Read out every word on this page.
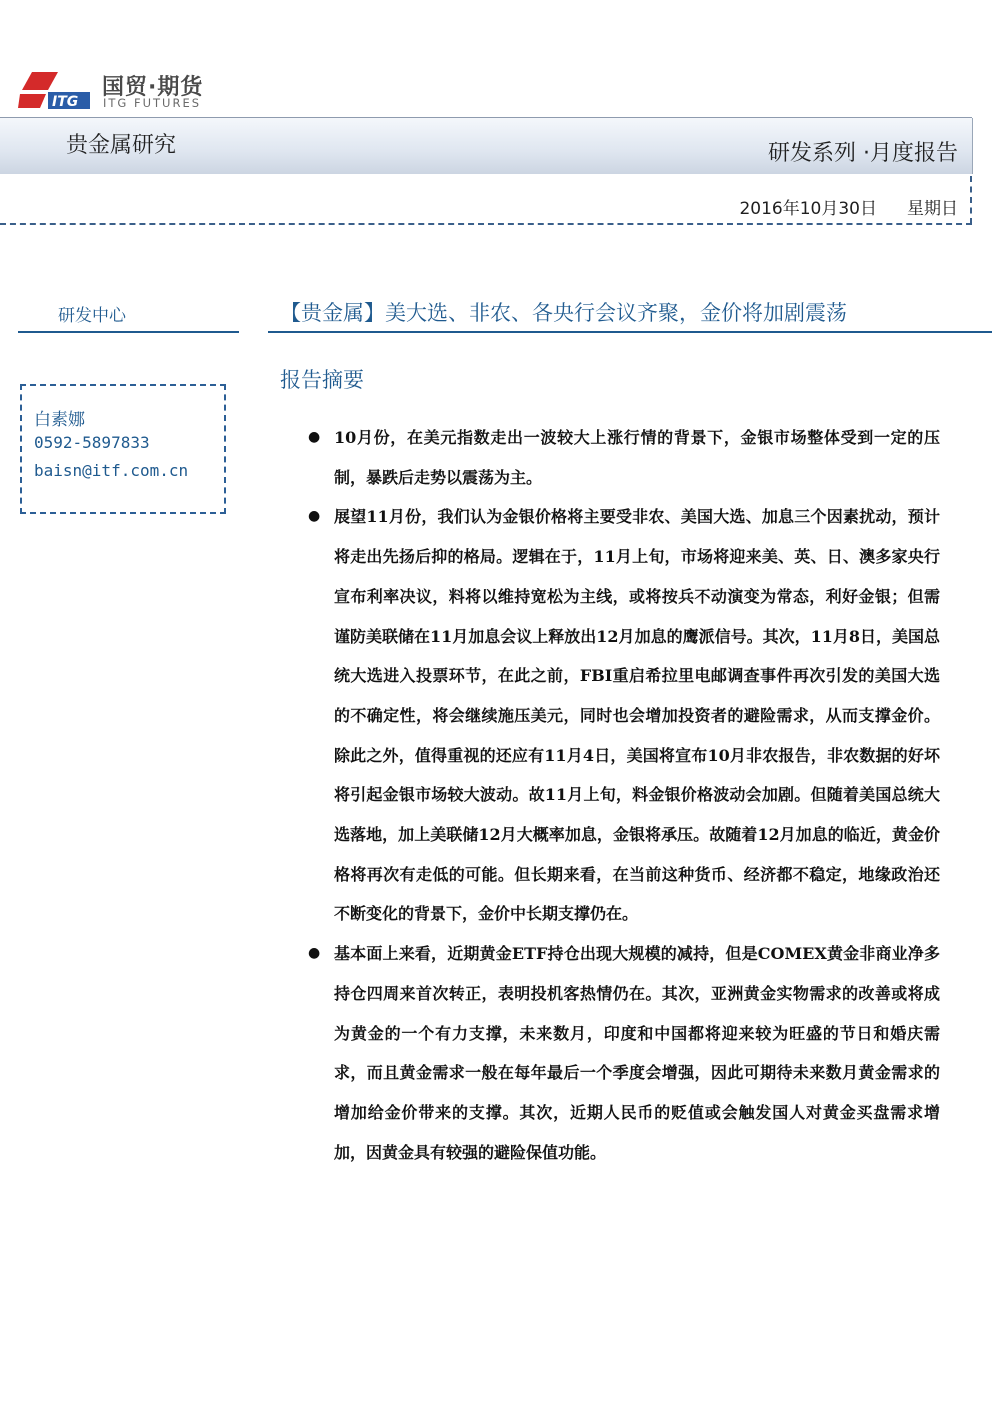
ITG
国贸·期货
ITG FUTURES
贵金属研究	研发系列 ·月度报告
2016年10月30日 星期日
研发中心
白素娜
0592-5897833
baisn@itf.com.cn
【贵金属】美大选、非农、各央行会议齐聚，金价将加剧震荡
报告摘要
● 10月份，在美元指数走出一波较大上涨行情的背景下，金银市场整体受到一定的压制，暴跌后走势以震荡为主。
● 展望11月份，我们认为金银价格将主要受非农、美国大选、加息三个因素扰动，预计将走出先扬后抑的格局。逻辑在于，11月上旬，市场将迎来美、英、日、澳多家央行宣布利率决议，料将以维持宽松为主线，或将按兵不动演变为常态，利好金银；但需谨防美联储在11月加息会议上释放出12月加息的鹰派信号。其次，11月8日，美国总统大选进入投票环节，在此之前，FBI重启希拉里电邮调查事件再次引发的美国大选的不确定性，将会继续施压美元，同时也会增加投资者的避险需求，从而支撑金价。除此之外，值得重视的还应有11月4日，美国将宣布10月非农报告，非农数据的好坏将引起金银市场较大波动。故11月上旬，料金银价格波动会加剧。但随着美国总统大选落地，加上美联储12月大概率加息，金银将承压。故随着12月加息的临近，黄金价格将再次有走低的可能。但长期来看，在当前这种货币、经济都不稳定，地缘政治还不断变化的背景下，金价中长期支撑仍在。
● 基本面上来看，近期黄金ETF持仓出现大规模的减持，但是COMEX黄金非商业净多持仓四周来首次转正，表明投机客热情仍在。其次，亚洲黄金实物需求的改善或将成为黄金的一个有力支撑，未来数月，印度和中国都将迎来较为旺盛的节日和婚庆需求，而且黄金需求一般在每年最后一个季度会增强，因此可期待未来数月黄金需求的增加给金价带来的支撑。其次，近期人民币的贬值或会触发国人对黄金买盘需求增加，因黄金具有较强的避险保值功能。
